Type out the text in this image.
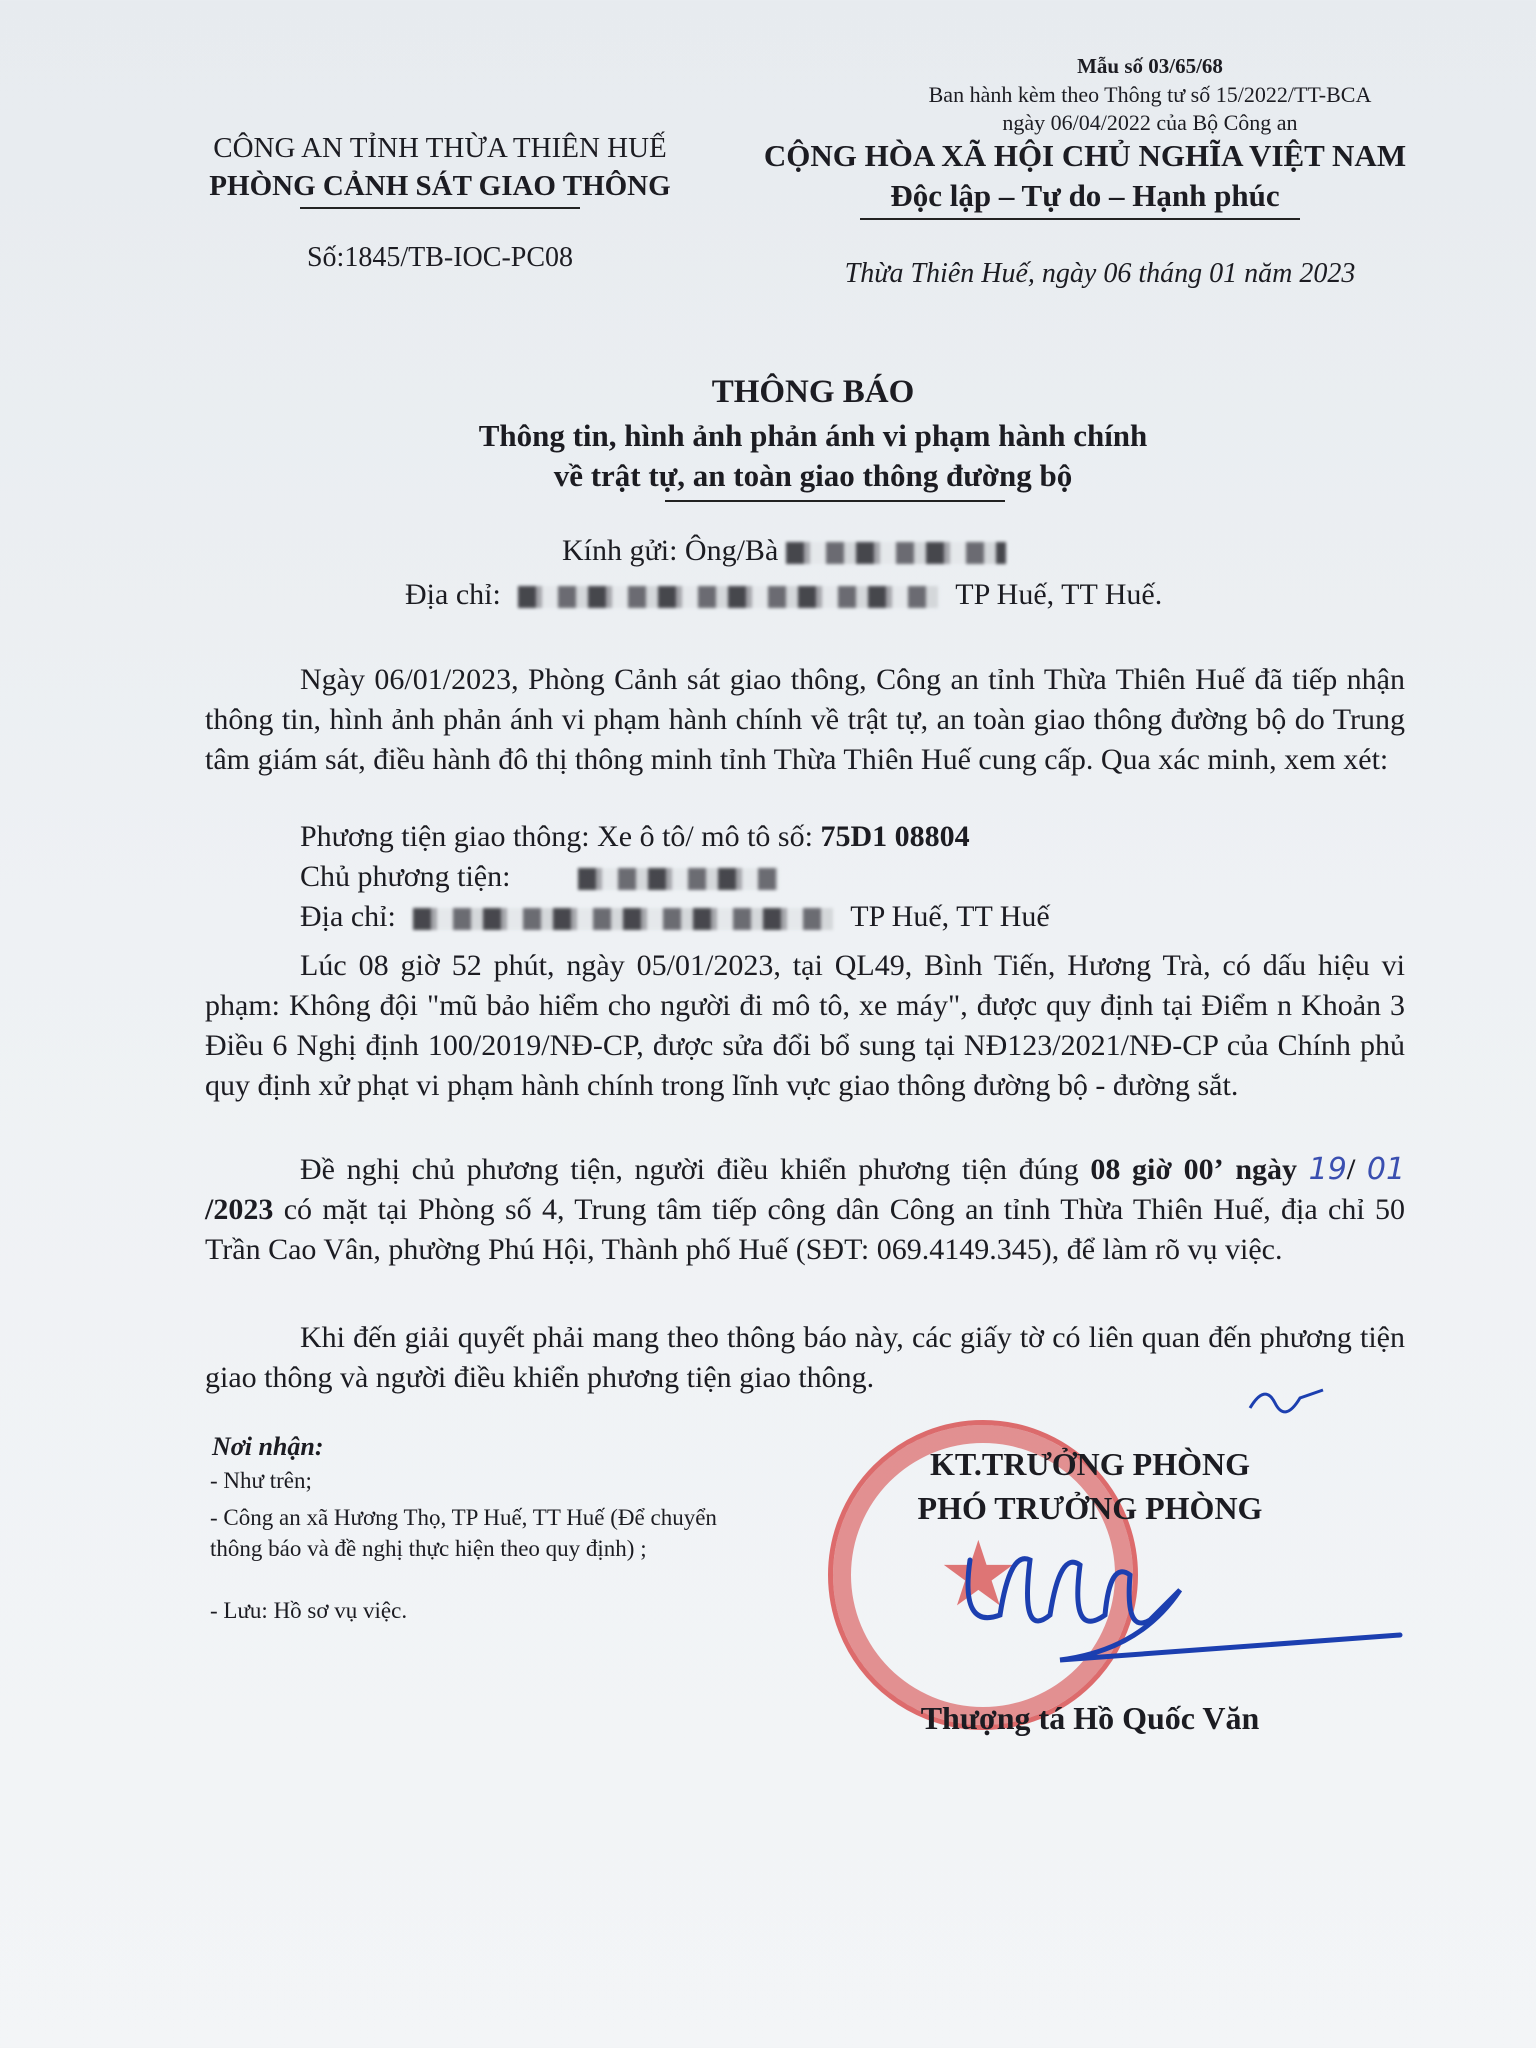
Mẫu số 03/65/68
Ban hành kèm theo Thông tư số 15/2022/TT-BCA
ngày 06/04/2022 của Bộ Công an
CÔNG AN TỈNH THỪA THIÊN HUẾ
PHÒNG CẢNH SÁT GIAO THÔNG
Số:1845/TB-IOC-PC08
CỘNG HÒA XÃ HỘI CHỦ NGHĨA VIỆT NAM
Độc lập – Tự do – Hạnh phúc
Thừa Thiên Huế, ngày 06 tháng 01 năm 2023
THÔNG BÁO
Thông tin, hình ảnh phản ánh vi phạm hành chính
về trật tự, an toàn giao thông đường bộ
Kính gửi: Ông/Bà
Địa chỉ:	TP Huế, TT Huế.
Ngày 06/01/2023, Phòng Cảnh sát giao thông, Công an tỉnh Thừa Thiên Huế đã tiếp nhận thông tin, hình ảnh phản ánh vi phạm hành chính về trật tự, an toàn giao thông đường bộ do Trung tâm giám sát, điều hành đô thị thông minh tỉnh Thừa Thiên Huế cung cấp. Qua xác minh, xem xét:
Phương tiện giao thông: Xe ô tô/ mô tô số: 75D1 08804
Chủ phương tiện:
Địa chỉ:	TP Huế, TT Huế
Lúc 08 giờ 52 phút, ngày 05/01/2023, tại QL49, Bình Tiến, Hương Trà, có dấu hiệu vi phạm: Không đội "mũ bảo hiểm cho người đi mô tô, xe máy", được quy định tại Điểm n Khoản 3 Điều 6 Nghị định 100/2019/NĐ-CP, được sửa đổi bổ sung tại NĐ123/2021/NĐ-CP của Chính phủ quy định xử phạt vi phạm hành chính trong lĩnh vực giao thông đường bộ - đường sắt.
Đề nghị chủ phương tiện, người điều khiển phương tiện đúng 08 giờ 00’ ngày 19/ 01 /2023 có mặt tại Phòng số 4, Trung tâm tiếp công dân Công an tỉnh Thừa Thiên Huế, địa chỉ 50 Trần Cao Vân, phường Phú Hội, Thành phố Huế (SĐT: 069.4149.345), để làm rõ vụ việc.
Khi đến giải quyết phải mang theo thông báo này, các giấy tờ có liên quan đến phương tiện giao thông và người điều khiển phương tiện giao thông.
Nơi nhận:
- Như trên;
- Công an xã Hương Thọ, TP Huế, TT Huế (Để chuyển thông báo và đề nghị thực hiện theo quy định) ;
- Lưu: Hồ sơ vụ việc.	★
KT.TRƯỞNG PHÒNG
PHÓ TRƯỞNG PHÒNG
Thượng tá Hồ Quốc Văn
